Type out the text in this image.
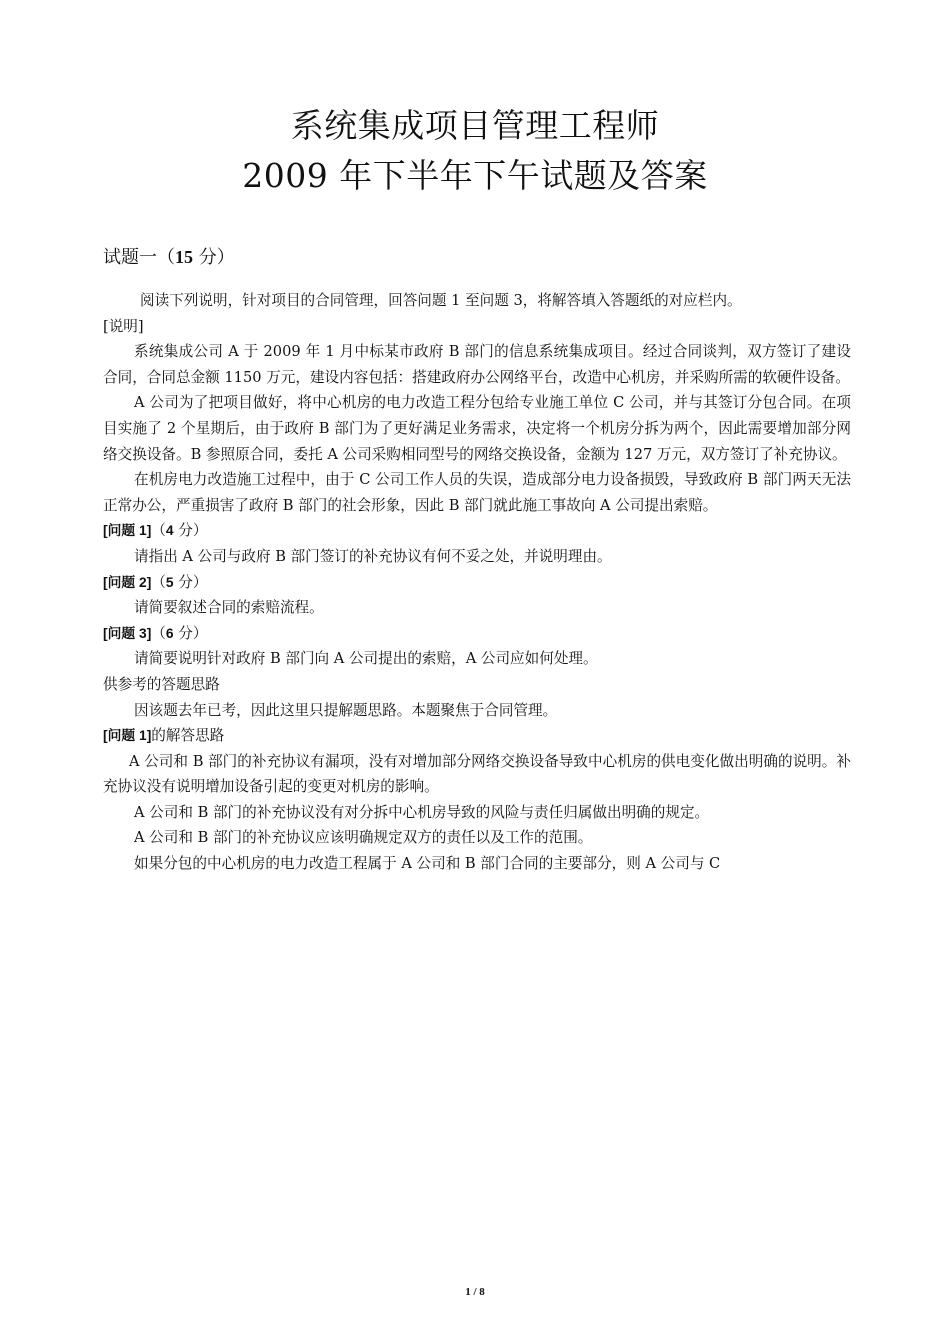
系统集成项目管理工程师
2009 年下半年下午试题及答案
试题一（15 分）

阅读下列说明，针对项目的合同管理，回答问题 1 至问题 3，将解答填入答题纸的对应栏内。

[说明]

系统集成公司 A 于 2009 年 1 月中标某市政府 B 部门的信息系统集成项目。经过合同谈判，双方签订了建设合同，合同总金额 1150 万元，建设内容包括：搭建政府办公网络平台，改造中心机房，并采购所需的软硬件设备。

A 公司为了把项目做好，将中心机房的电力改造工程分包给专业施工单位 C 公司，并与其签订分包合同。在项目实施了 2 个星期后，由于政府 B 部门为了更好满足业务需求，决定将一个机房分拆为两个，因此需要增加部分网络交换设备。B 参照原合同，委托 A 公司采购相同型号的网络交换设备，金额为 127 万元，双方签订了补充协议。

在机房电力改造施工过程中，由于 C 公司工作人员的失误，造成部分电力设备损毁，导致政府 B 部门两天无法正常办公，严重损害了政府 B 部门的社会形象，因此 B 部门就此施工事故向 A 公司提出索赔。

[问题 1]（4 分）

请指出 A 公司与政府 B 部门签订的补充协议有何不妥之处，并说明理由。

[问题 2]（5 分）

请简要叙述合同的索赔流程。

[问题 3]（6 分）

请简要说明针对政府 B 部门向 A 公司提出的索赔，A 公司应如何处理。

供参考的答题思路

因该题去年已考，因此这里只提解题思路。本题聚焦于合同管理。

[问题 1]的解答思路

A 公司和 B 部门的补充协议有漏项，没有对增加部分网络交换设备导致中心机房的供电变化做出明确的说明。补充协议没有说明增加设备引起的变更对机房的影响。

A 公司和 B 部门的补充协议没有对分拆中心机房导致的风险与责任归属做出明确的规定。

A 公司和 B 部门的补充协议应该明确规定双方的责任以及工作的范围。

如果分包的中心机房的电力改造工程属于 A 公司和 B 部门合同的主要部分，则 A 公司与 C

1 / 8
